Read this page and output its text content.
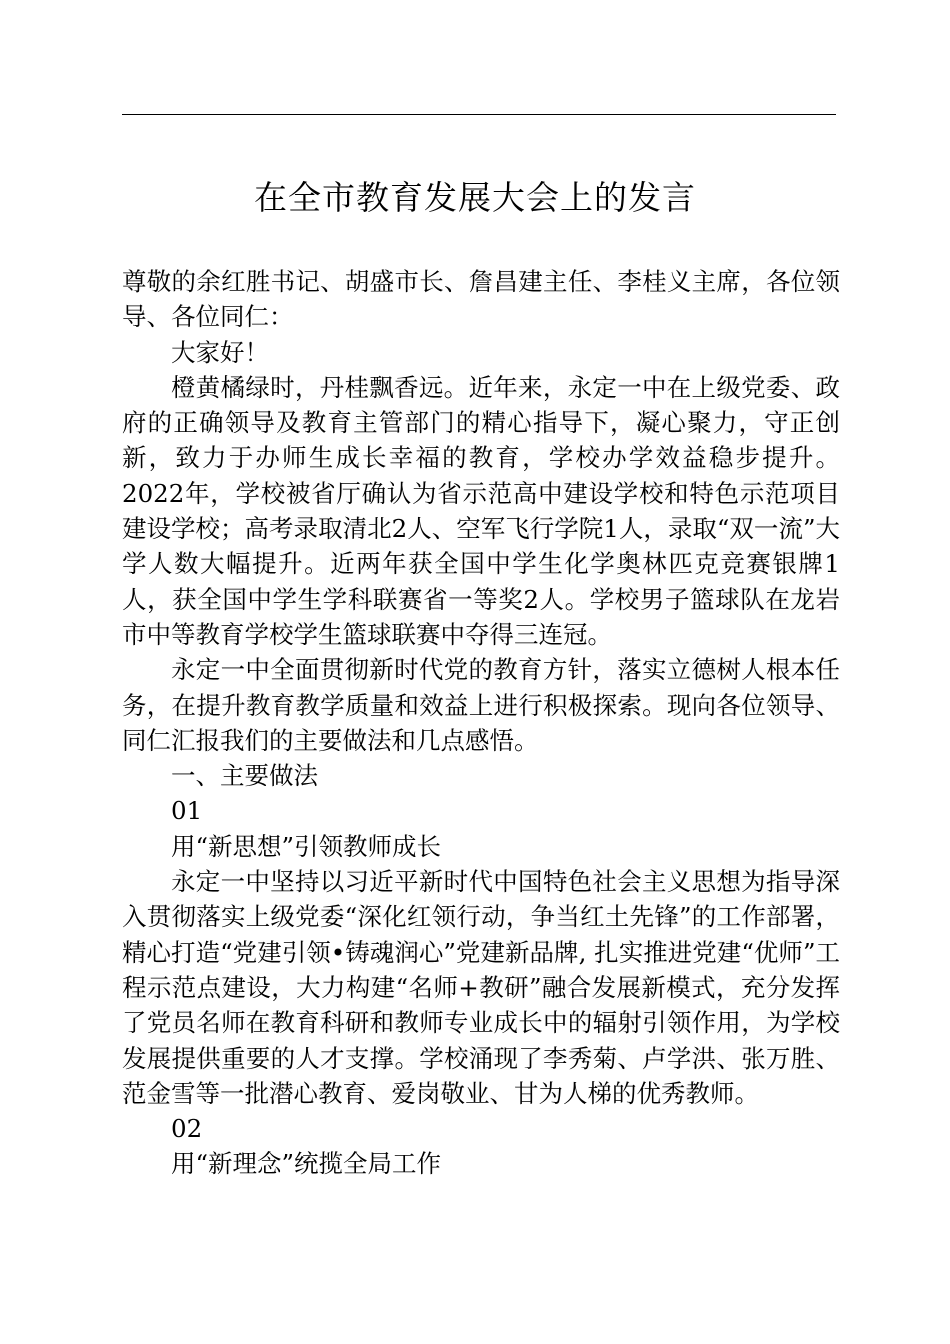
在全市教育发展大会上的发言

尊敬的余红胜书记、胡盛市长、詹昌建主任、李桂义主席，各位领导、各位同仁：

大家好！

橙黄橘绿时，丹桂飘香远。近年来，永定一中在上级党委、政府的正确领导及教育主管部门的精心指导下，凝心聚力，守正创新，致力于办师生成长幸福的教育，学校办学效益稳步提升。2022年，学校被省厅确认为省示范高中建设学校和特色示范项目建设学校；高考录取清北2人、空军飞行学院1人，录取“双一流”大学人数大幅提升。近两年获全国中学生化学奥林匹克竞赛银牌1人，获全国中学生学科联赛省一等奖2人。学校男子篮球队在龙岩市中等教育学校学生篮球联赛中夺得三连冠。

永定一中全面贯彻新时代党的教育方针，落实立德树人根本任务，在提升教育教学质量和效益上进行积极探索。现向各位领导、同仁汇报我们的主要做法和几点感悟。

一、主要做法

01

用“新思想”引领教师成长

永定一中坚持以习近平新时代中国特色社会主义思想为指导深入贯彻落实上级党委“深化红领行动，争当红土先锋”的工作部署，精心打造“党建引领•铸魂润心”党建新品牌, 扎实推进党建“优师”工程示范点建设，大力构建“名师+教研”融合发展新模式，充分发挥了党员名师在教育科研和教师专业成长中的辐射引领作用，为学校发展提供重要的人才支撑。学校涌现了李秀菊、卢学洪、张万胜、范金雪等一批潜心教育、爱岗敬业、甘为人梯的优秀教师。

02

用“新理念”统揽全局工作
